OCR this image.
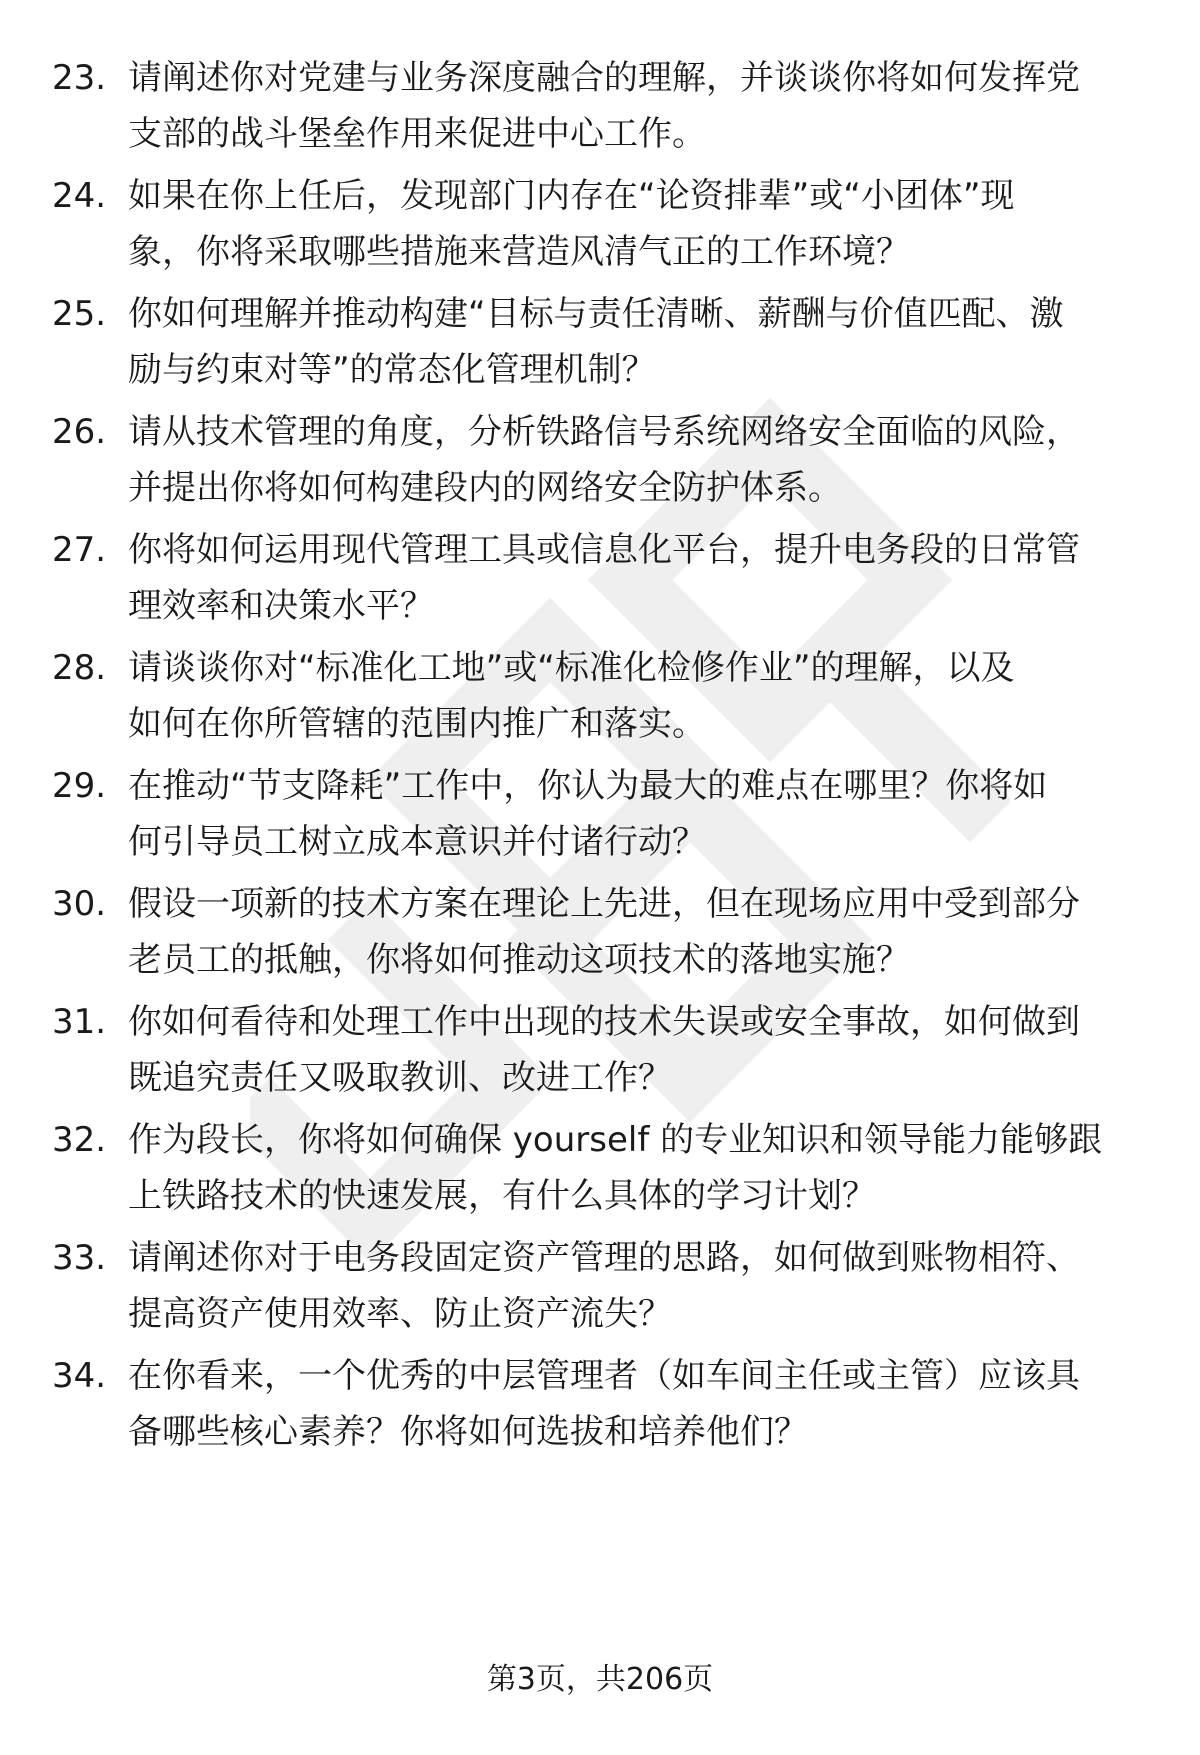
23. 请阐述你对党建与业务深度融合的理解，并谈谈你将如何发挥党
支部的战斗堡垒作用来促进中心工作。
24. 如果在你上任后，发现部门内存在“论资排辈”或“小团体”现
象，你将采取哪些措施来营造风清气正的工作环境？
25. 你如何理解并推动构建“目标与责任清晰、薪酬与价值匹配、激
励与约束对等”的常态化管理机制？
26. 请从技术管理的角度，分析铁路信号系统网络安全面临的风险，
并提出你将如何构建段内的网络安全防护体系。
27. 你将如何运用现代管理工具或信息化平台，提升电务段的日常管
理效率和决策水平？
28. 请谈谈你对“标准化工地”或“标准化检修作业”的理解，以及
如何在你所管辖的范围内推广和落实。
29. 在推动“节支降耗”工作中，你认为最大的难点在哪里？你将如
何引导员工树立成本意识并付诸行动？
30. 假设一项新的技术方案在理论上先进，但在现场应用中受到部分
老员工的抵触，你将如何推动这项技术的落地实施？
31. 你如何看待和处理工作中出现的技术失误或安全事故，如何做到
既追究责任又吸取教训、改进工作？
32. 作为段长，你将如何确保 yourself 的专业知识和领导能力能够跟
上铁路技术的快速发展，有什么具体的学习计划？
33. 请阐述你对于电务段固定资产管理的思路，如何做到账物相符、
提高资产使用效率、防止资产流失？
34. 在你看来，一个优秀的中层管理者（如车间主任或主管）应该具
备哪些核心素养？你将如何选拔和培养他们？
第3页，共206页
